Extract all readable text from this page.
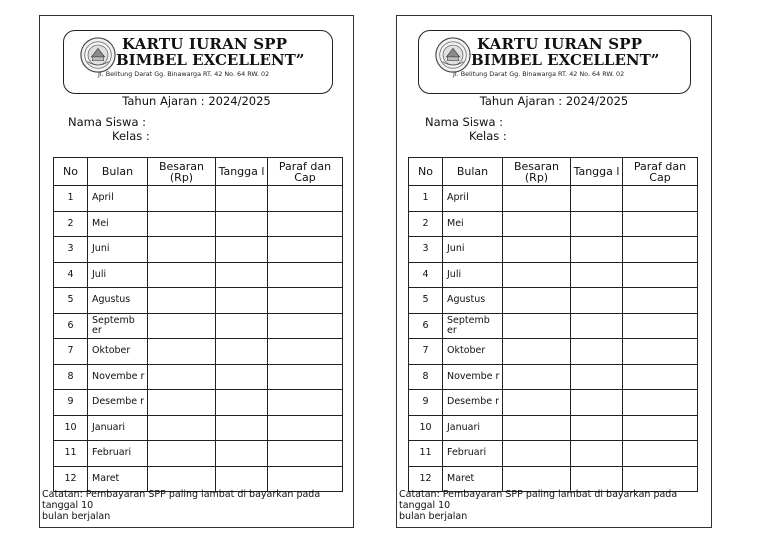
KARTU IURAN SPP
BIMBEL EXCELLENT”
Jl. Belitung Darat Gg. Binawarga RT. 42 No. 64 RW. 02
Tahun Ajaran : 2024/2025
Nama Siswa :
Kelas :
No	Bulan	Besaran (Rp)	Tangga l	Paraf dan Cap
1	April			
2	Mei			
3	Juni			
4	Juli			
5	Agustus			
6	Septemb er			
7	Oktober			
8	Novembe r			
9	Desembe r			
10	Januari			
11	Februari			
12	Maret			
Catatan: Pembayaran SPP paling lambat di bayarkan pada tanggal 10
bulan berjalan
KARTU IURAN SPP
BIMBEL EXCELLENT”
Jl. Belitung Darat Gg. Binawarga RT. 42 No. 64 RW. 02
Tahun Ajaran : 2024/2025
Nama Siswa :
Kelas :
No	Bulan	Besaran (Rp)	Tangga l	Paraf dan Cap
1	April			
2	Mei			
3	Juni			
4	Juli			
5	Agustus			
6	Septemb er			
7	Oktober			
8	Novembe r			
9	Desembe r			
10	Januari			
11	Februari			
12	Maret			
Catatan: Pembayaran SPP paling lambat di bayarkan pada tanggal 10
bulan berjalan
